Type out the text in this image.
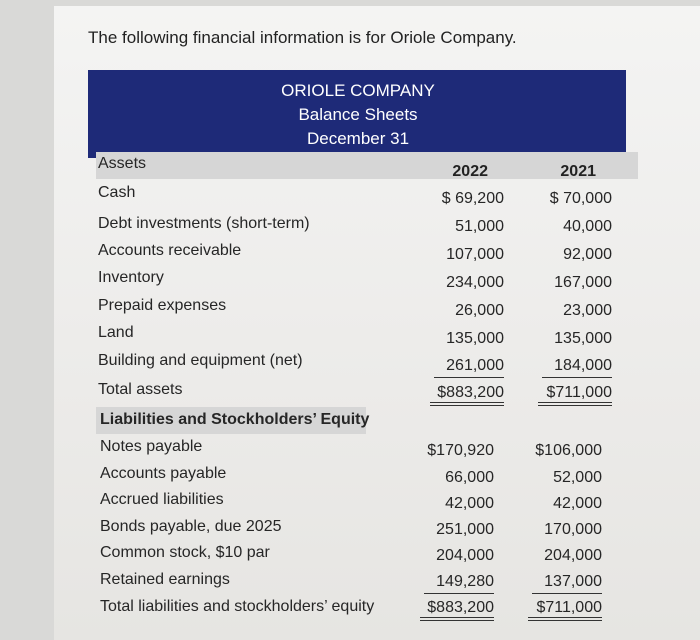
The following financial information is for Oriole Company.
ORIOLE COMPANY
Balance Sheets
December 31
Assets	2022	2021
Cash	$ 69,200	$ 70,000
Debt investments (short-term)	51,000	40,000
Accounts receivable	107,000	92,000
Inventory	234,000	167,000
Prepaid expenses	26,000	23,000
Land	135,000	135,000
Building and equipment (net)	261,000	184,000
Total assets	$883,200	$711,000
Liabilities and Stockholders’ Equity
Notes payable	$170,920	$106,000
Accounts payable	66,000	52,000
Accrued liabilities	42,000	42,000
Bonds payable, due 2025	251,000	170,000
Common stock, $10 par	204,000	204,000
Retained earnings	149,280	137,000
Total liabilities and stockholders’ equity	$883,200	$711,000
